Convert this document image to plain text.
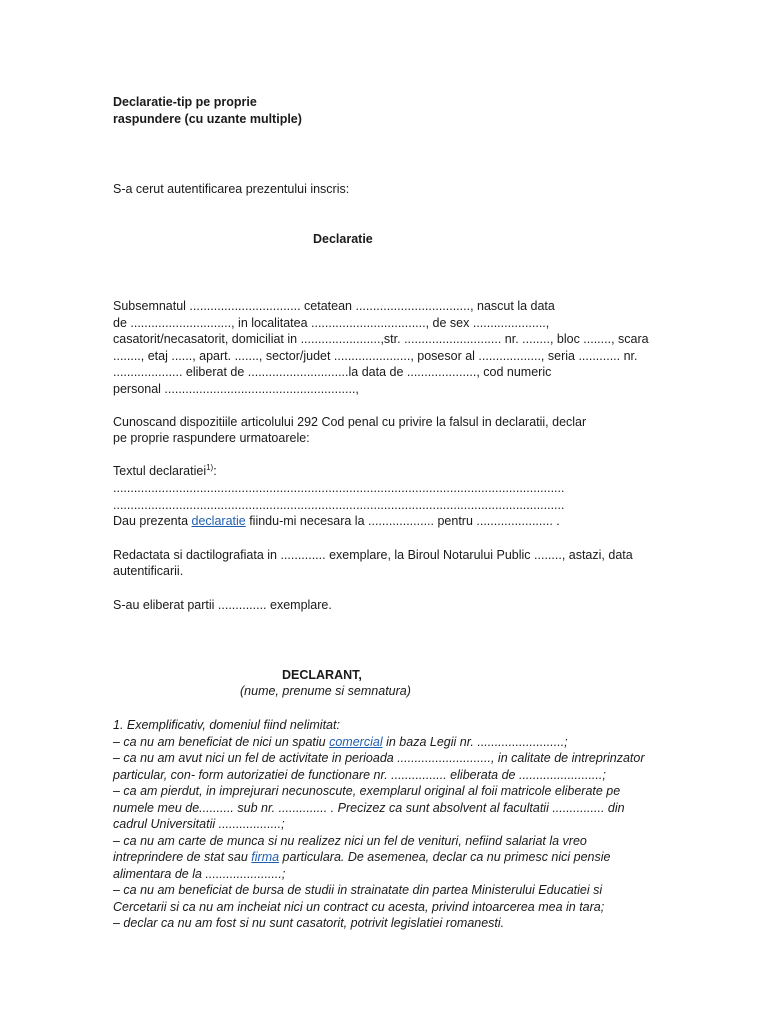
Declaratie-tip pe proprie
raspundere (cu uzante multiple)
S-a cerut autentificarea prezentului inscris:
Declaratie
Subsemnatul ................................ cetatean ................................., nascut la data
de ............................., in localitatea ................................., de sex .....................,
casatorit/necasatorit, domiciliat in .......................,str. ............................ nr. ........, bloc ........, scara
........, etaj ......, apart. ......., sector/judet ......................, posesor al .................., seria ............ nr.
.................... eliberat de .............................la data de ...................., cod numeric
personal .......................................................,
Cunoscand dispozitiile articolului 292 Cod penal cu privire la falsul in declaratii, declar
pe proprie raspundere urmatoarele:
Textul declaratiei$^{1)}$:
..................................................................................................................................
..................................................................................................................................
Dau prezenta declaratie fiindu-mi necesara la ................... pentru ...................... .
Redactata si dactilografiata in ............. exemplare, la Biroul Notarului Public ........, astazi, data
autentificarii.
S-au eliberat partii .............. exemplare.
DECLARANT,
(nume, prenume si semnatura)
1. Exemplificativ, domeniul fiind nelimitat:
– ca nu am beneficiat de nici un spatiu comercial in baza Legii nr. .........................;
– ca nu am avut nici un fel de activitate in perioada ..........................., in calitate de intreprinzator
particular, con- form autorizatiei de functionare nr. ................ eliberata de ........................;
– ca am pierdut, in imprejurari necunoscute, exemplarul original al foii matricole eliberate pe
numele meu de.......... sub nr. .............. . Precizez ca sunt absolvent al facultatii ............... din
cadrul Universitatii ..................;
– ca nu am carte de munca si nu realizez nici un fel de venituri, nefiind salariat la vreo
intreprindere de stat sau firma particulara. De asemenea, declar ca nu primesc nici pensie
alimentara de la ......................;
– ca nu am beneficiat de bursa de studii in strainatate din partea Ministerului Educatiei si
Cercetarii si ca nu am incheiat nici un contract cu acesta, privind intoarcerea mea in tara;
– declar ca nu am fost si nu sunt casatorit, potrivit legislatiei romanesti.
